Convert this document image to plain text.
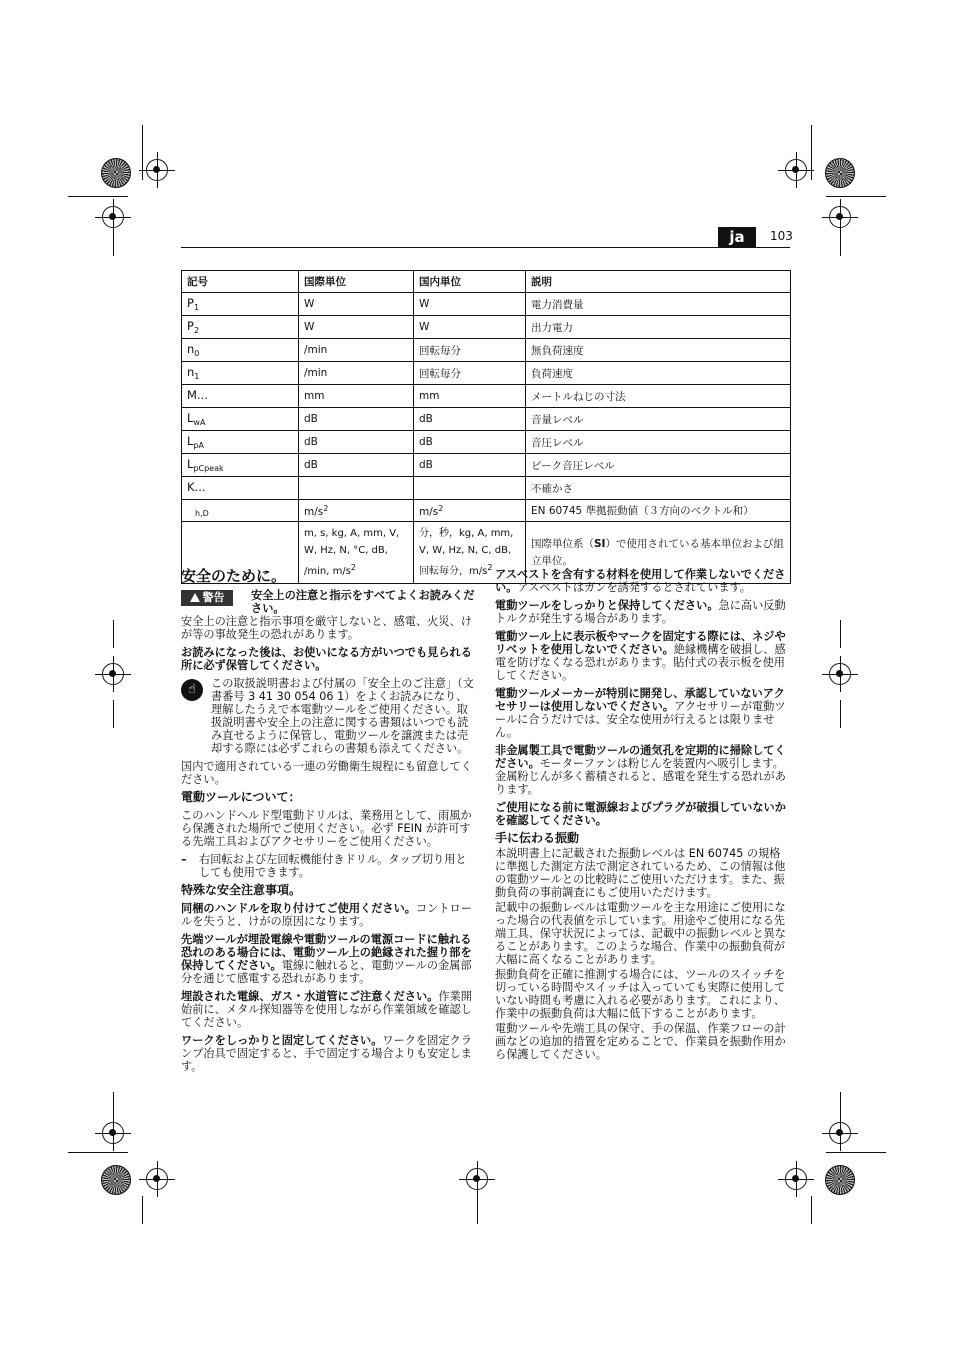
ja	103
記号	国際単位	国内単位	説明
$P_1$	W	W	電力消費量
$P_2$	W	W	出力電力
$n_0$	/min	回転毎分	無負荷速度
$n_1$	/min	回転毎分	負荷速度
M...	mm	mm	メートルねじの寸法
$L_{wA}$	dB	dB	音量レベル
$L_{pA}$	dB	dB	音圧レベル
$L_{pCpeak}$	dB	dB	ピーク音圧レベル
K...			不確かさ
$_{h,D}$	$m/s^2$	$m/s^2$	EN 60745 準拠振動値（３方向のベクトル和）
	m, s, kg, A, mm, V, W, Hz, N, °C, dB, /min, $m/s^2$	分，秒，kg, A, mm, V, W, Hz, N, C, dB, 回転毎分，$m/s^2$	国際単位系（SI）で使用されている基本単位および組立単位。
安全のために。

警告	安全上の注意と指示をすべてよくお読みください。

安全上の注意と指示事項を厳守しないと、感電、火災、けが等の事故発生の恐れがあります。

お読みになった後は、お使いになる方がいつでも見られる所に必ず保管してください。

☝	この取扱説明書および付属の「安全上のご注意」（文書番号 3 41 30 054 06 1）をよくお読みになり、理解したうえで本電動ツールをご使用ください。取扱説明書や安全上の注意に関する書類はいつでも読み直せるように保管し、電動ツールを譲渡または売却する際には必ずこれらの書類も添えてください。

国内で適用されている一連の労働衛生規程にも留意してください。

電動ツールについて：

このハンドヘルド型電動ドリルは、業務用として、雨風から保護された場所でご使用ください。必ず FEIN が許可する先端工具およびアクセサリーをご使用ください。

– 右回転および左回転機能付きドリル。タップ切り用としても使用できます。

特殊な安全注意事項。

同梱のハンドルを取り付けてご使用ください。コントロールを失うと、けがの原因になります。

先端ツールが埋設電線や電動ツールの電源コードに触れる恐れのある場合には、電動ツール上の絶縁された握り部を保持してください。電線に触れると、電動ツールの金属部分を通じて感電する恐れがあります。

埋設された電線、ガス・水道管にご注意ください。作業開始前に、メタル探知器等を使用しながら作業領域を確認してください。

ワークをしっかりと固定してください。ワークを固定クランプ冶具で固定すると、手で固定する場合よりも安定します。

アスベストを含有する材料を使用して作業しないでください。アスベストはガンを誘発するとされています。

電動ツールをしっかりと保持してください。急に高い反動トルクが発生する場合があります。

電動ツール上に表示板やマークを固定する際には、ネジやリベットを使用しないでください。絶縁機構を破損し、感電を防げなくなる恐れがあります。貼付式の表示板を使用してください。

電動ツールメーカーが特別に開発し、承認していないアクセサリーは使用しないでください。アクセサリーが電動ツールに合うだけでは、安全な使用が行えるとは限りません。

非金属製工具で電動ツールの通気孔を定期的に掃除してください。モーターファンは粉じんを装置内へ吸引します。金属粉じんが多く蓄積されると、感電を発生する恐れがあります。

ご使用になる前に電源線およびプラグが破損していないかを確認してください。

手に伝わる振動

本説明書上に記載された振動レベルは EN 60745 の規格に準拠した測定方法で測定されているため、この情報は他の電動ツールとの比較時にご使用いただけます。また、振動負荷の事前調査にもご使用いただけます。

記載中の振動レベルは電動ツールを主な用途にご使用になった場合の代表値を示しています。用途やご使用になる先端工具、保守状況によっては、記載中の振動レベルと異なることがあります。このような場合、作業中の振動負荷が大幅に高くなることがあります。

振動負荷を正確に推測する場合には、ツールのスイッチを切っている時間やスイッチは入っていても実際に使用していない時間も考慮に入れる必要があります。これにより、作業中の振動負荷は大幅に低下することがあります。

電動ツールや先端工具の保守、手の保温、作業フローの計画などの追加的措置を定めることで、作業員を振動作用から保護してください。
